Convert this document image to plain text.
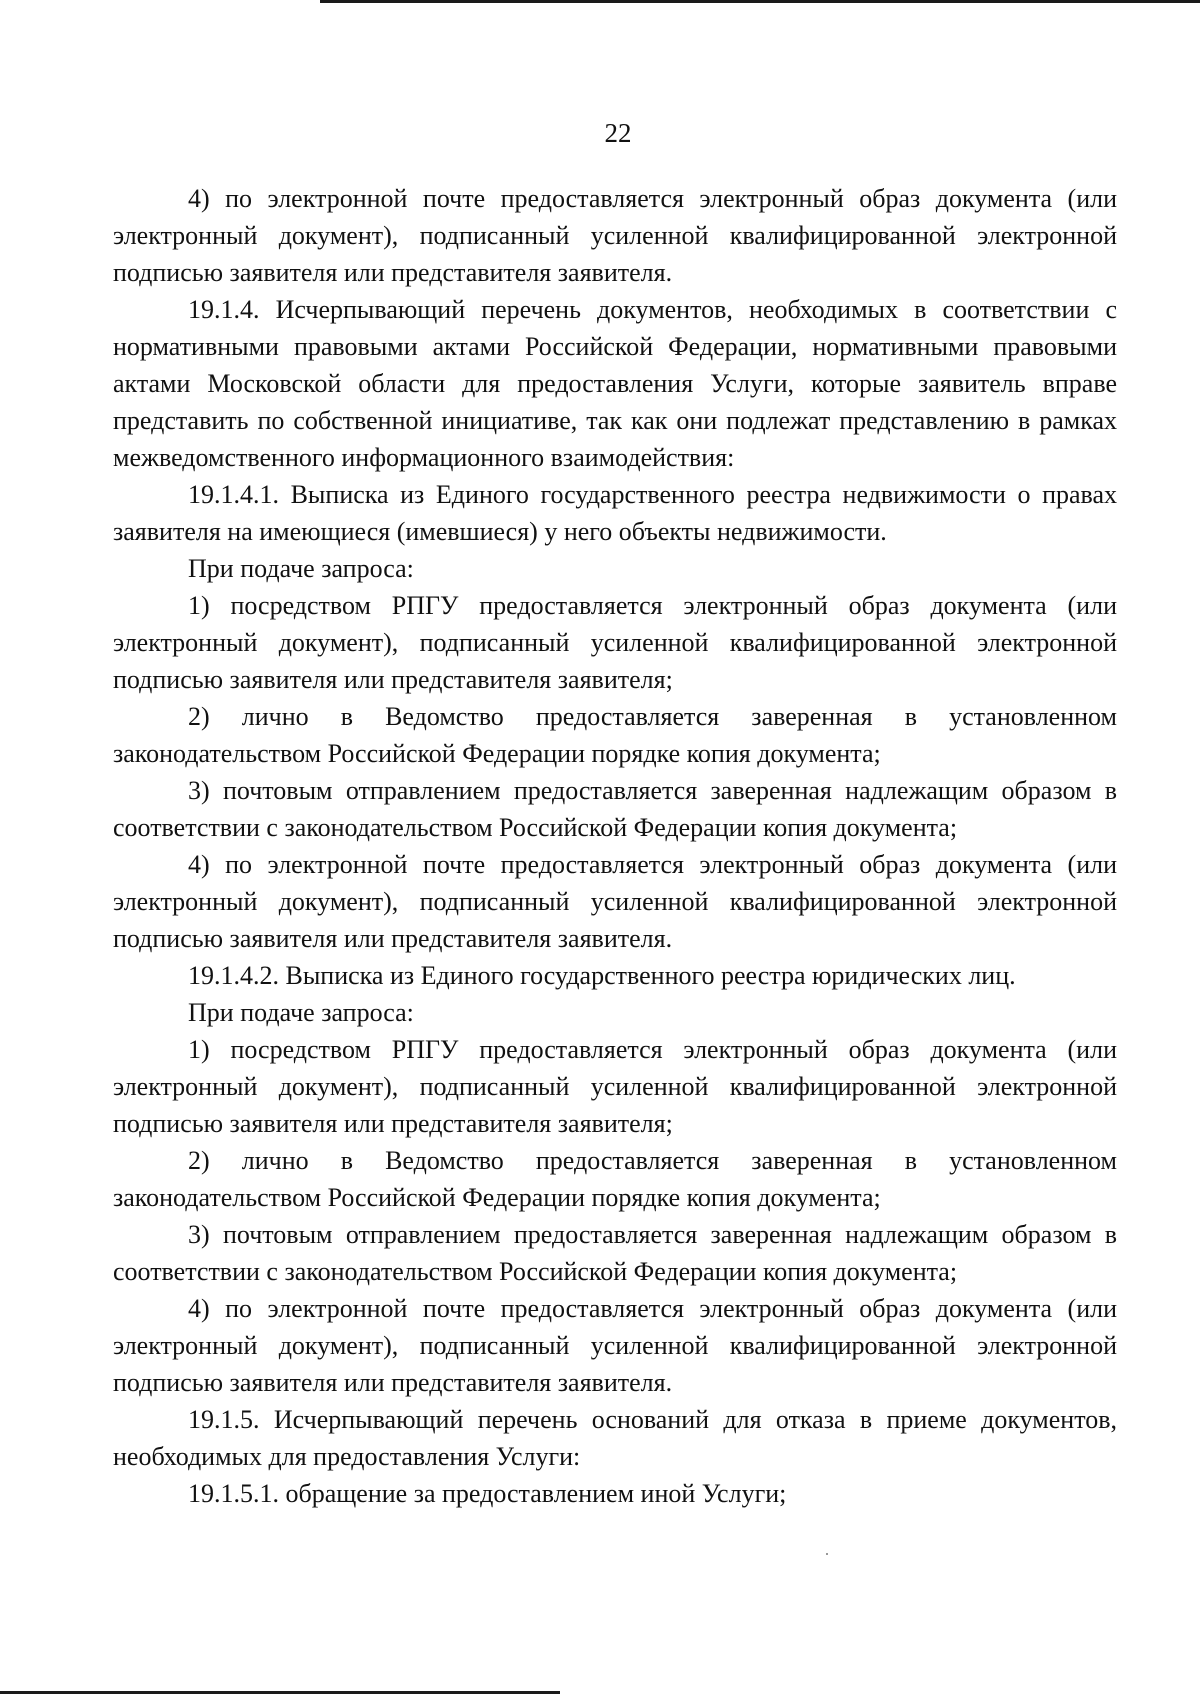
22

4) по электронной почте предоставляется электронный образ документа (или электронный документ), подписанный усиленной квалифицированной электронной подписью заявителя или представителя заявителя.

19.1.4. Исчерпывающий перечень документов, необходимых в соответствии с нормативными правовыми актами Российской Федерации, нормативными правовыми актами Московской области для предоставления Услуги, которые заявитель вправе представить по собственной инициативе, так как они подлежат представлению в рамках межведомственного информационного взаимодействия:

19.1.4.1. Выписка из Единого государственного реестра недвижимости о правах заявителя на имеющиеся (имевшиеся) у него объекты недвижимости.

При подаче запроса:

1) посредством РПГУ предоставляется электронный образ документа (или электронный документ), подписанный усиленной квалифицированной электронной подписью заявителя или представителя заявителя;

2) лично в Ведомство предоставляется заверенная в установленном законодательством Российской Федерации порядке копия документа;

3) почтовым отправлением предоставляется заверенная надлежащим образом в соответствии с законодательством Российской Федерации копия документа;

4) по электронной почте предоставляется электронный образ документа (или электронный документ), подписанный усиленной квалифицированной электронной подписью заявителя или представителя заявителя.

19.1.4.2. Выписка из Единого государственного реестра юридических лиц.

При подаче запроса:

1) посредством РПГУ предоставляется электронный образ документа (или электронный документ), подписанный усиленной квалифицированной электронной подписью заявителя или представителя заявителя;

2) лично в Ведомство предоставляется заверенная в установленном законодательством Российской Федерации порядке копия документа;

3) почтовым отправлением предоставляется заверенная надлежащим образом в соответствии с законодательством Российской Федерации копия документа;

4) по электронной почте предоставляется электронный образ документа (или электронный документ), подписанный усиленной квалифицированной электронной подписью заявителя или представителя заявителя.

19.1.5. Исчерпывающий перечень оснований для отказа в приеме документов, необходимых для предоставления Услуги:

19.1.5.1. обращение за предоставлением иной Услуги;
